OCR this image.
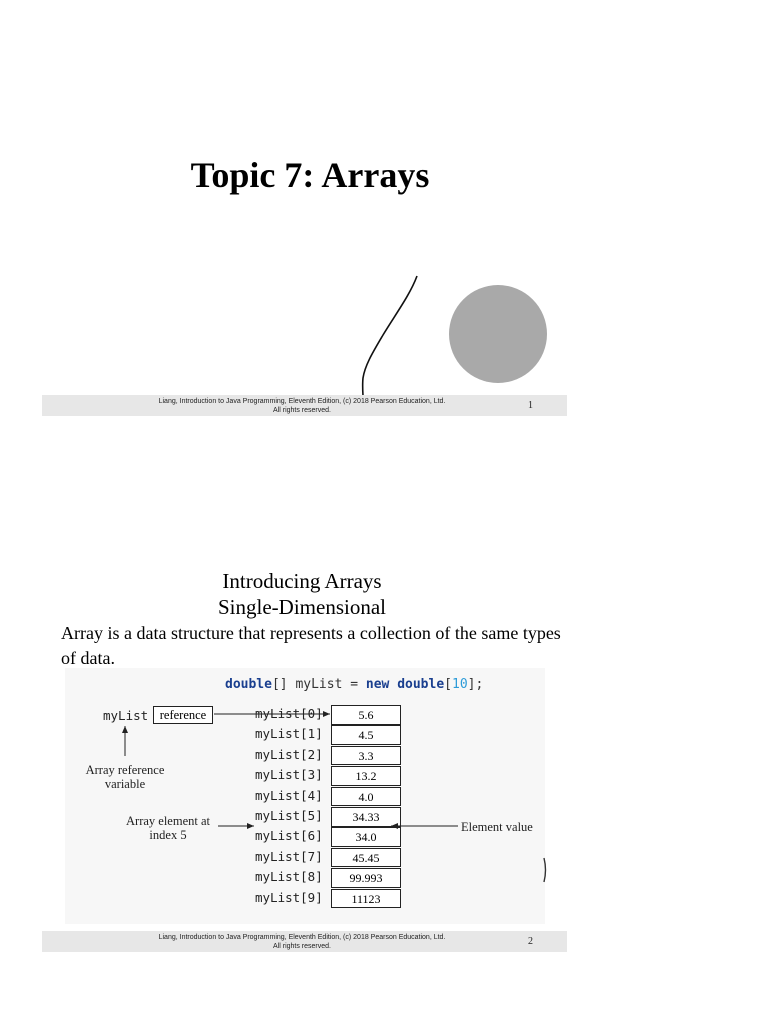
Topic 7: Arrays
Liang, Introduction to Java Programming, Eleventh Edition, (c) 2018 Pearson Education, Ltd.
All rights reserved.	1
Introducing Arrays
Single-Dimensional
Array is a data structure that represents a collection of the same types of data.
double[] myList = new double[10];
myList reference
Array reference
variable
Array element at
index 5
Element value
myList[0]
myList[1]
myList[2]
myList[3]
myList[4]
myList[5]
myList[6]
myList[7]
myList[8]
myList[9]
5.6
4.5
3.3
13.2
4.0
34.33
34.0
45.45
99.993
11123
Liang, Introduction to Java Programming, Eleventh Edition, (c) 2018 Pearson Education, Ltd.
All rights reserved.	2
